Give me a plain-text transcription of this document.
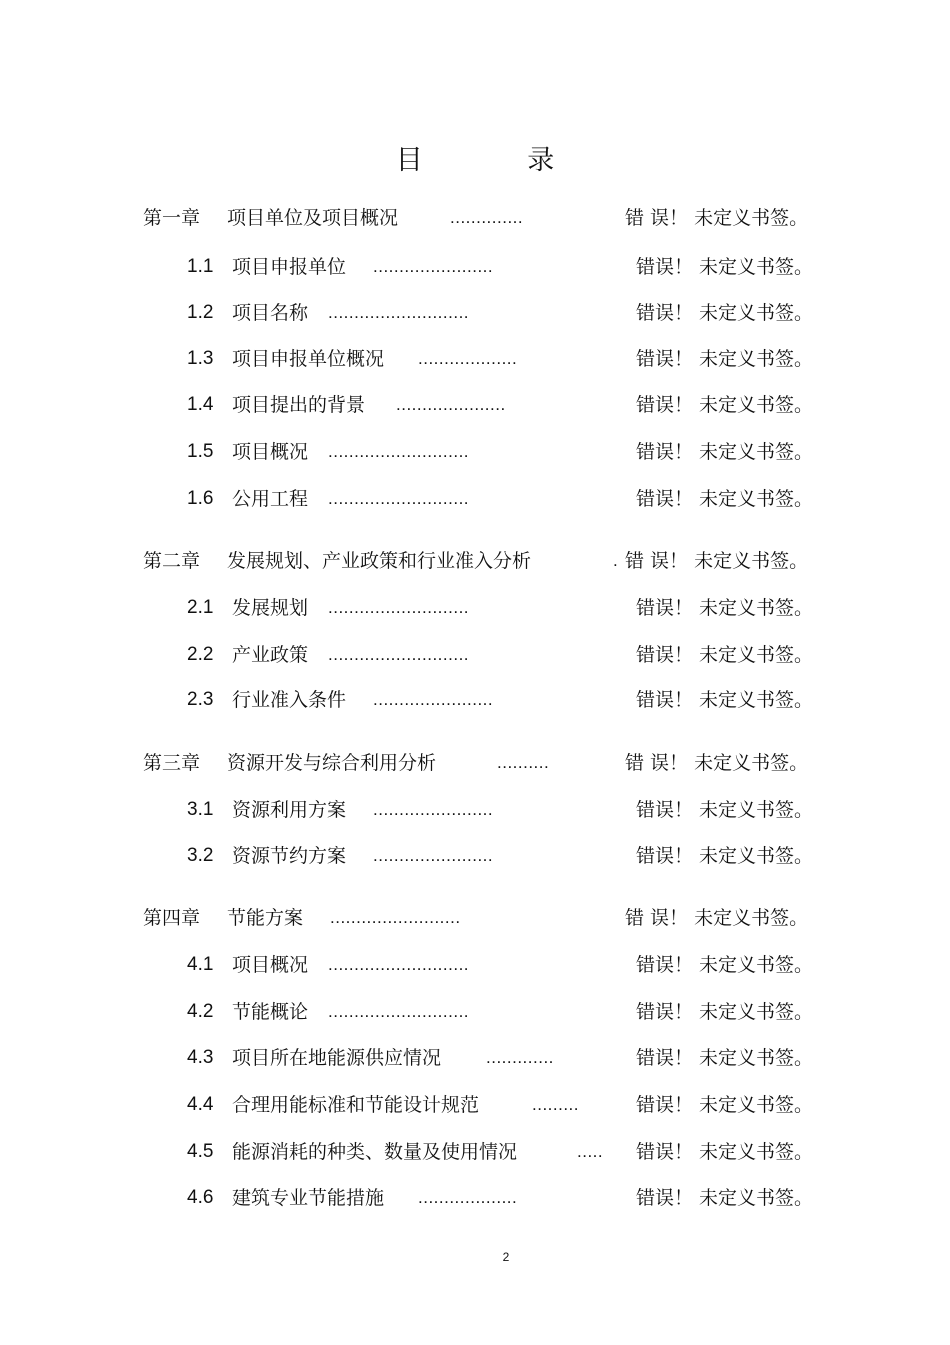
目 录
第一章 项目单位及项目概况	..............	错 误！ 未定义书签。
1.1 项目申报单位 .......................	错误！ 未定义书签。
1.2 项目名称 ...........................	错误！ 未定义书签。
1.3 项目申报单位概况 ...................	错误！ 未定义书签。
1.4 项目提出的背景 .....................	错误！ 未定义书签。
1.5 项目概况 ...........................	错误！ 未定义书签。
1.6 公用工程 ...........................	错误！ 未定义书签。
第二章 发展规划、产业政策和行业准入分析	. 错 误！ 未定义书签。
2.1 发展规划 ...........................	错误！ 未定义书签。
2.2 产业政策 ...........................	错误！ 未定义书签。
2.3 行业准入条件 .......................	错误！ 未定义书签。
第三章 资源开发与综合利用分析	..........	错 误！ 未定义书签。
3.1 资源利用方案 .......................	错误！ 未定义书签。
3.2 资源节约方案 .......................	错误！ 未定义书签。
第四章 节能方案 .........................	错 误！ 未定义书签。
4.1 项目概况 ...........................	错误！ 未定义书签。
4.2 节能概论 ...........................	错误！ 未定义书签。
4.3 项目所在地能源供应情况	.............	错误！ 未定义书签。
4.4 合理用能标准和节能设计规范	.........	错误！ 未定义书签。
4.5 能源消耗的种类、数量及使用情况	..... 错误！ 未定义书签。
4.6 建筑专业节能措施 ...................	错误！ 未定义书签。
2
